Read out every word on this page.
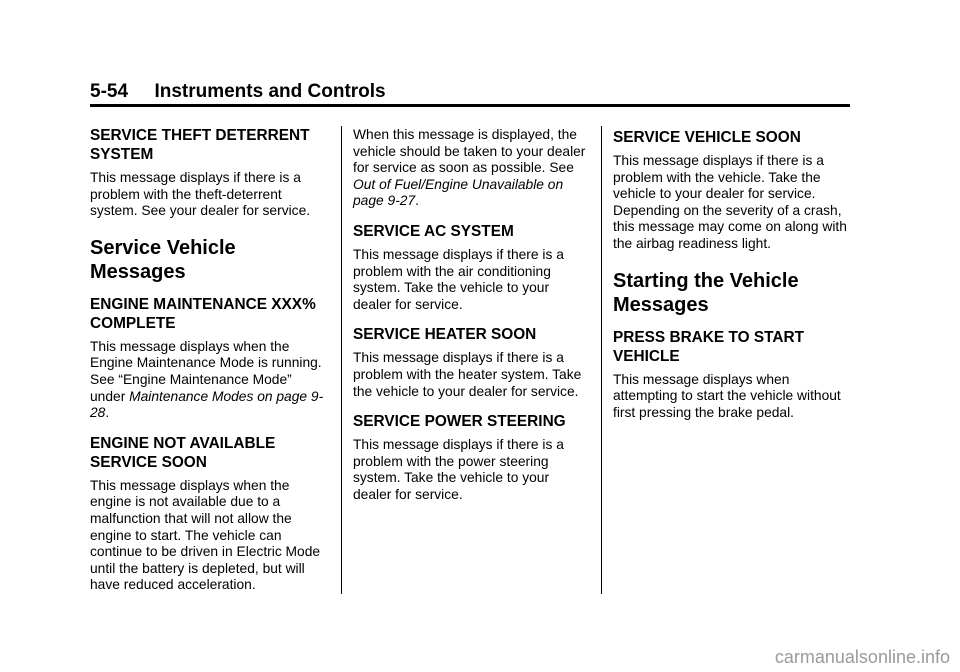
5-54 Instruments and Controls
SERVICE THEFT DETERRENT SYSTEM

This message displays if there is a problem with the theft-deterrent system. See your dealer for service.

Service Vehicle Messages
ENGINE MAINTENANCE XXX% COMPLETE

This message displays when the Engine Maintenance Mode is running. See “Engine Maintenance Mode” under Maintenance Modes on page 9-28.

ENGINE NOT AVAILABLE SERVICE SOON

This message displays when the engine is not available due to a malfunction that will not allow the engine to start. The vehicle can continue to be driven in Electric Mode until the battery is depleted, but will have reduced acceleration.

When this message is displayed, the vehicle should be taken to your dealer for service as soon as possible. See Out of Fuel/Engine Unavailable on page 9-27.

SERVICE AC SYSTEM

This message displays if there is a problem with the air conditioning system. Take the vehicle to your dealer for service.

SERVICE HEATER SOON

This message displays if there is a problem with the heater system. Take the vehicle to your dealer for service.

SERVICE POWER STEERING

This message displays if there is a problem with the power steering system. Take the vehicle to your dealer for service.

SERVICE VEHICLE SOON

This message displays if there is a problem with the vehicle. Take the vehicle to your dealer for service. Depending on the severity of a crash, this message may come on along with the airbag readiness light.

Starting the Vehicle Messages
PRESS BRAKE TO START VEHICLE

This message displays when attempting to start the vehicle without first pressing the brake pedal.

carmanualsonline.info
